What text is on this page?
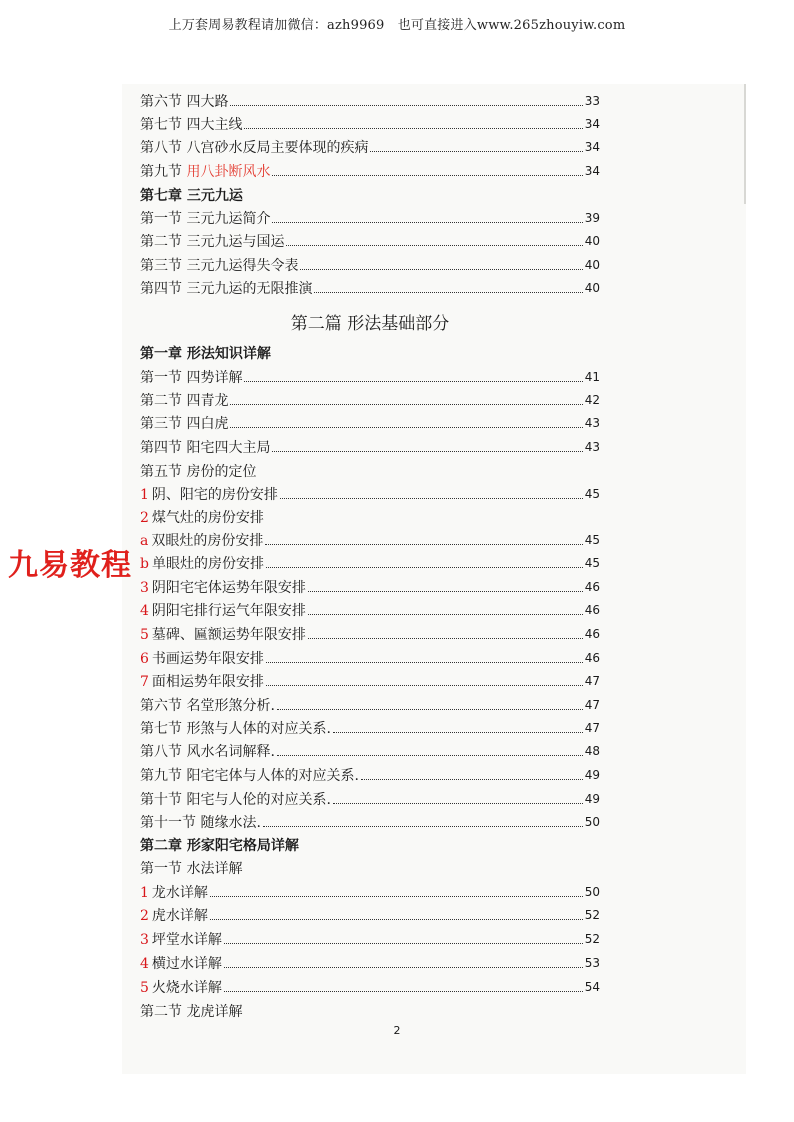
上万套周易教程请加微信：azh9969　也可直接进入www.265zhouyiw.com
九易教程
第六节 四大路	33
第七节 四大主线	34
第八节 八宫砂水反局主要体现的疾病	34
第九节 用八卦断风水	34
第七章 三元九运
第一节 三元九运简介	39
第二节 三元九运与国运	40
第三节 三元九运得失令表	40
第四节 三元九运的无限推演	40
第二篇 形法基础部分
第一章 形法知识详解
第一节 四势详解	41
第二节 四青龙	42
第三节 四白虎	43
第四节 阳宅四大主局	43
第五节 房份的定位
1 阴、阳宅的房份安排	45
2 煤气灶的房份安排
a 双眼灶的房份安排	45
b 单眼灶的房份安排	45
3 阴阳宅宅体运势年限安排	46
4 阴阳宅排行运气年限安排	46
5 墓碑、匾额运势年限安排	46
6 书画运势年限安排	46
7 面相运势年限安排	47
第六节 名堂形煞分析.	47
第七节 形煞与人体的对应关系.	47
第八节 风水名词解释.	48
第九节 阳宅宅体与人体的对应关系.	49
第十节 阳宅与人伦的对应关系.	49
第十一节 随缘水法.	50
第二章 形家阳宅格局详解
第一节 水法详解
1 龙水详解	50
2 虎水详解	52
3 坪堂水详解	52
4 横过水详解	53
5 火烧水详解	54
第二节 龙虎详解
2
